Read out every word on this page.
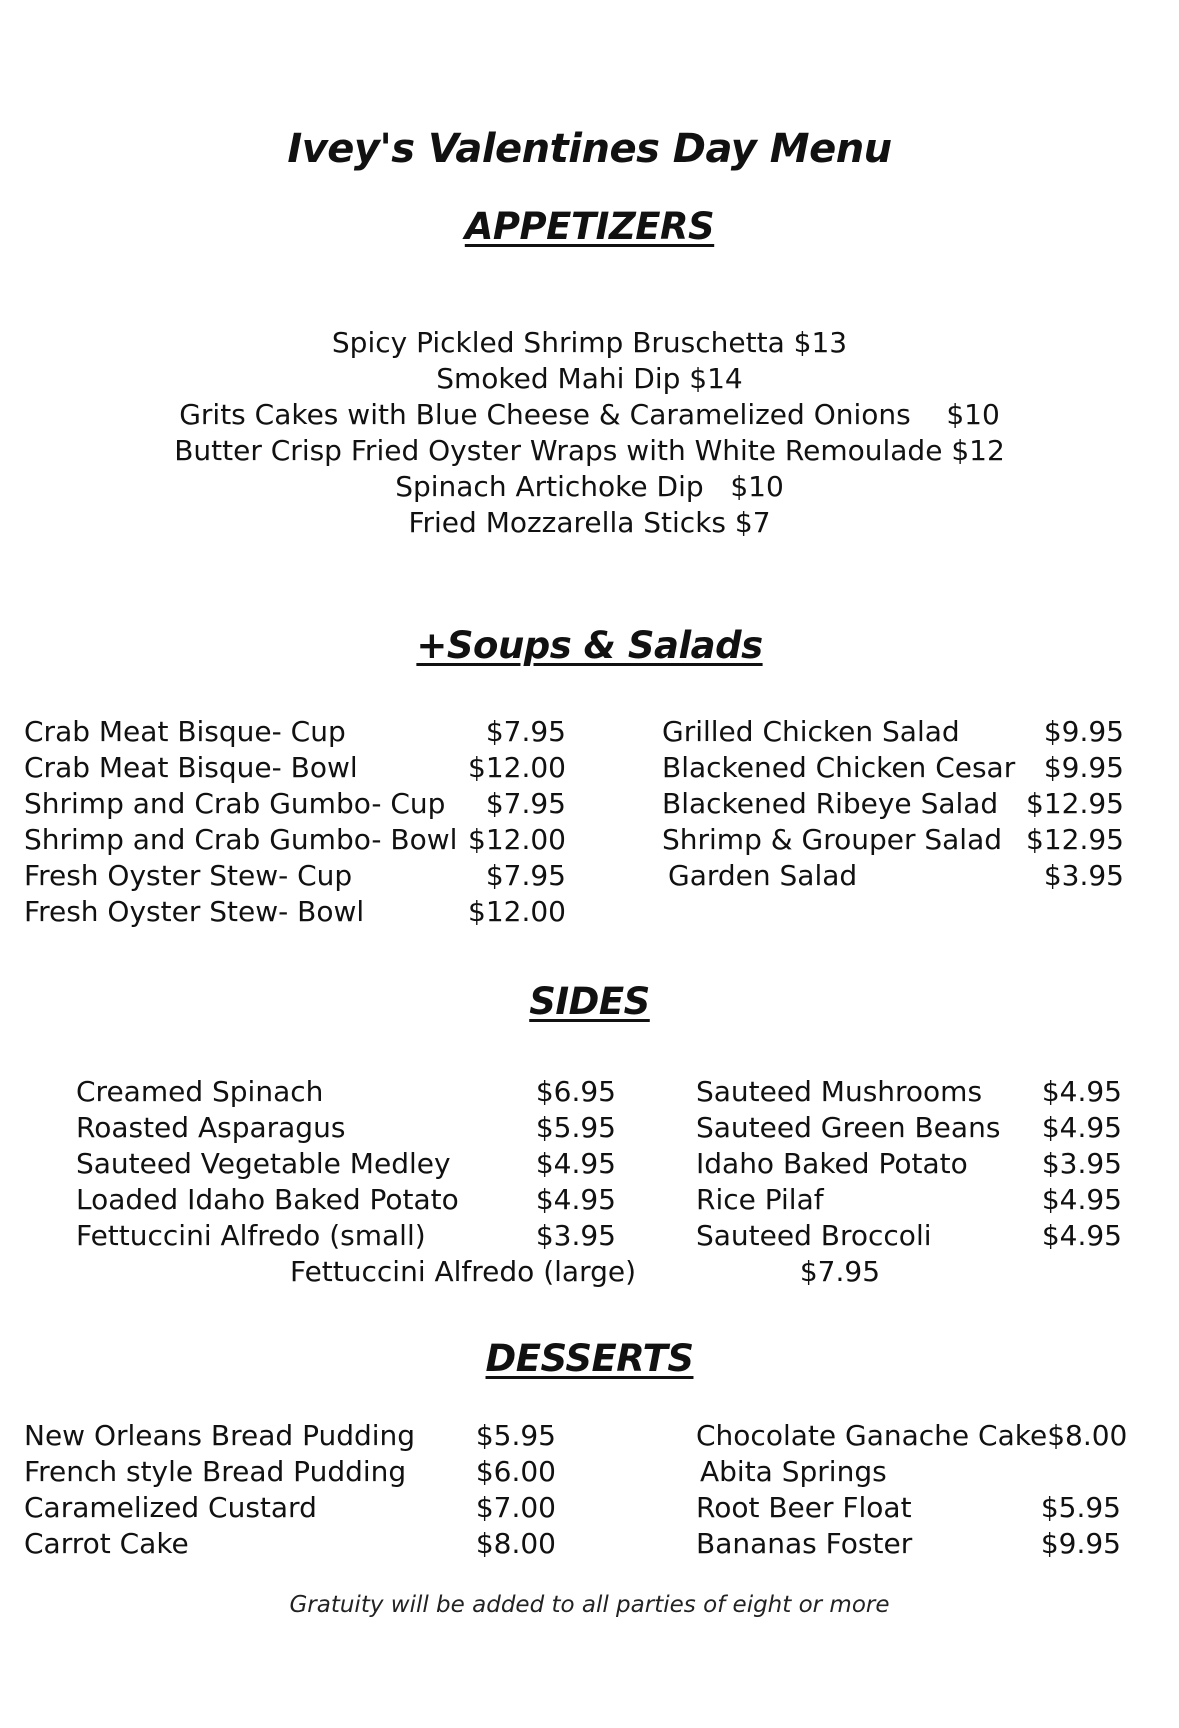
Ivey's Valentines Day Menu
APPETIZERS
Spicy Pickled Shrimp Bruschetta $13
Smoked Mahi Dip $14
Grits Cakes with Blue Cheese & Caramelized Onions    $10
Butter Crisp Fried Oyster Wraps with White Remoulade $12
Spinach Artichoke Dip   $10
Fried Mozzarella Sticks $7
+Soups & Salads
Crab Meat Bisque- Cup	$7.95
Crab Meat Bisque- Bowl	$12.00
Shrimp and Crab Gumbo- Cup $7.95
Shrimp and Crab Gumbo- Bowl $12.00
Fresh Oyster Stew- Cup	$7.95
Fresh Oyster Stew- Bowl	$12.00
Grilled Chicken Salad	$9.95
Blackened Chicken Cesar $9.95
Blackened Ribeye Salad $12.95
Shrimp & Grouper Salad $12.95
Garden Salad	$3.95
SIDES
Creamed Spinach	$6.95
Roasted Asparagus	$5.95
Sauteed Vegetable Medley	$4.95
Loaded Idaho Baked Potato	$4.95
Fettuccini Alfredo (small)	$3.95
Sauteed Mushrooms $4.95
Sauteed Green Beans $4.95
Idaho Baked Potato	$3.95
Rice Pilaf	$4.95
Sauteed Broccoli	$4.95
Fettuccini Alfredo (large)	$7.95
DESSERTS
New Orleans Bread Pudding $5.95
French style Bread Pudding $6.00
Caramelized Custard	$7.00
Carrot Cake	$8.00
Chocolate Ganache Cake $8.00
Abita Springs
Root Beer Float	$5.95
Bananas Foster	$9.95
Gratuity will be added to all parties of eight or more
